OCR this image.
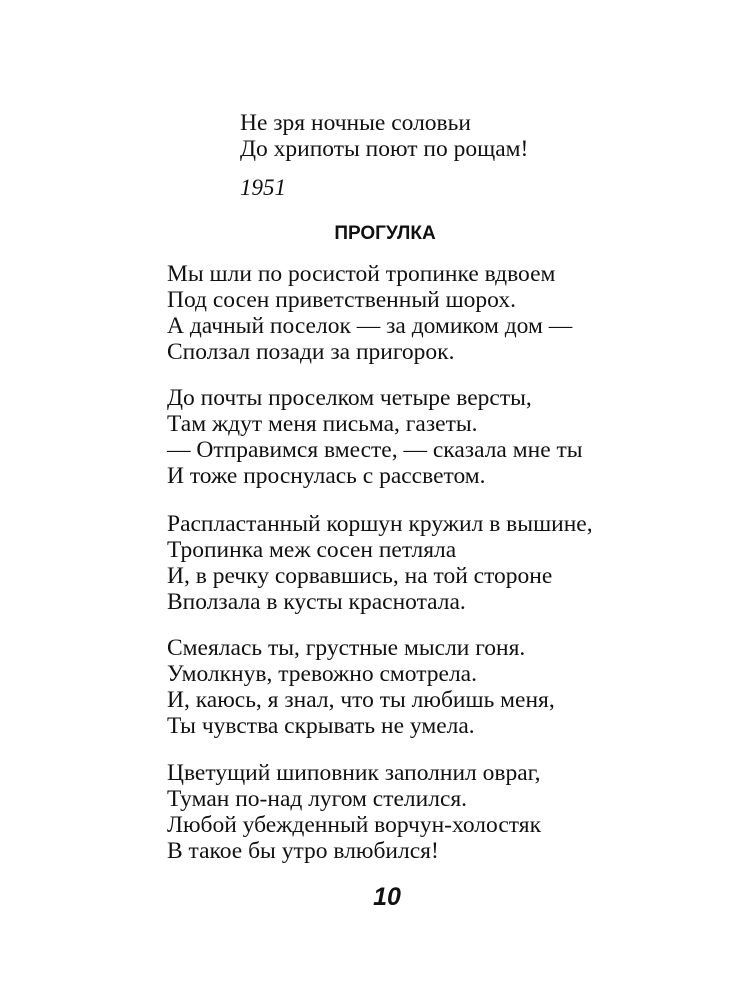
Не зря ночные соловьи
До хрипоты поют по рощам!
1951
ПРОГУЛКА
Мы шли по росистой тропинке вдвоем
Под сосен приветственный шорох.
А дачный поселок — за домиком дом —
Сползал позади за пригорок.
До почты проселком четыре версты,
Там ждут меня письма, газеты.
— Отправимся вместе, — сказала мне ты
И тоже проснулась с рассветом.
Распластанный коршун кружил в вышине,
Тропинка меж сосен петляла
И, в речку сорвавшись, на той стороне
Вползала в кусты краснотала.
Смеялась ты, грустные мысли гоня.
Умолкнув, тревожно смотрела.
И, каюсь, я знал, что ты любишь меня,
Ты чувства скрывать не умела.
Цветущий шиповник заполнил овраг,
Туман по-над лугом стелился.
Любой убежденный ворчун-холостяк
В такое бы утро влюбился!
10
